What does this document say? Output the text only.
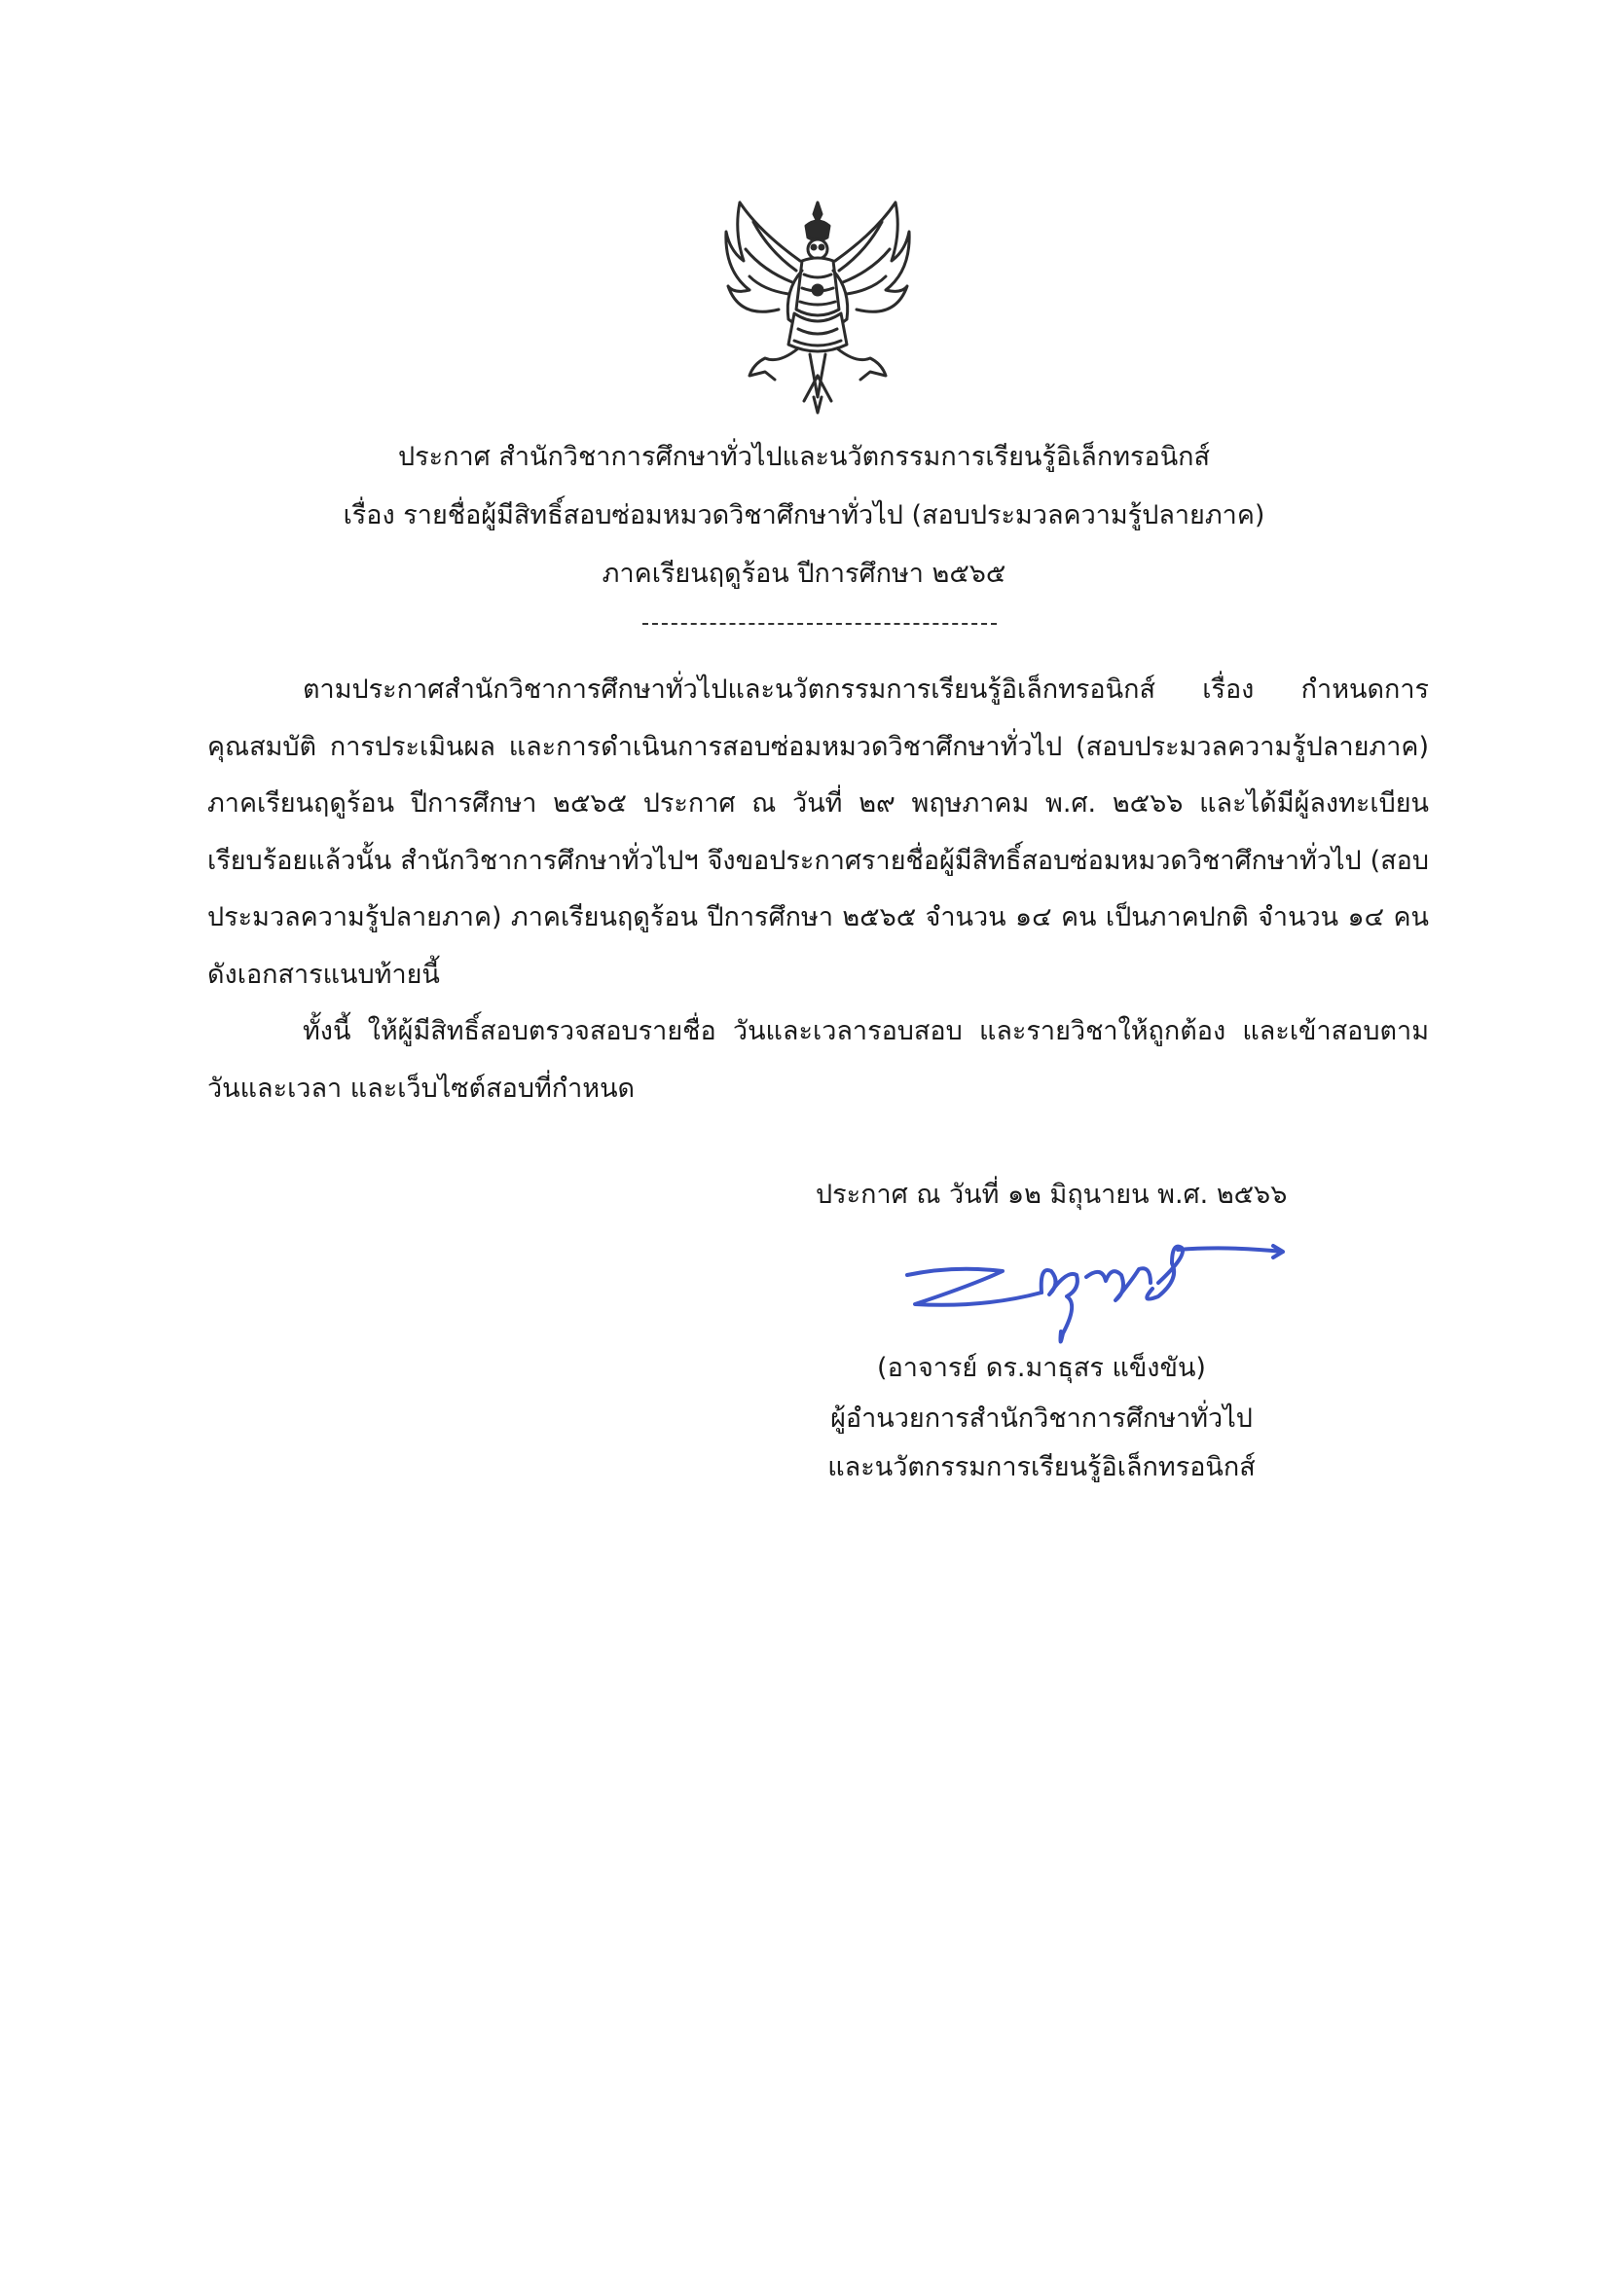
ประกาศ สำนักวิชาการศึกษาทั่วไปและนวัตกรรมการเรียนรู้อิเล็กทรอนิกส์
เรื่อง รายชื่อผู้มีสิทธิ์สอบซ่อมหมวดวิชาศึกษาทั่วไป (สอบประมวลความรู้ปลายภาค)
ภาคเรียนฤดูร้อน ปีการศึกษา ๒๕๖๕
ตามประกาศสำนักวิชาการศึกษาทั่วไปและนวัตกรรมการเรียนรู้อิเล็กทรอนิกส์ เรื่อง กำหนดการ คุณสมบัติ การประเมินผล และการดำเนินการสอบซ่อมหมวดวิชาศึกษาทั่วไป (สอบประมวลความรู้ปลายภาค) ภาคเรียนฤดูร้อน ปีการศึกษา ๒๕๖๕ ประกาศ ณ วันที่ ๒๙ พฤษภาคม พ.ศ. ๒๕๖๖ และได้มีผู้ลงทะเบียน เรียบร้อยแล้วนั้น สำนักวิชาการศึกษาทั่วไปฯ จึงขอประกาศรายชื่อผู้มีสิทธิ์สอบซ่อมหมวดวิชาศึกษาทั่วไป (สอบประมวลความรู้ปลายภาค) ภาคเรียนฤดูร้อน ปีการศึกษา ๒๕๖๕ จำนวน ๑๔ คน เป็นภาคปกติ จำนวน ๑๔ คน ดังเอกสารแนบท้ายนี้
ทั้งนี้ ให้ผู้มีสิทธิ์สอบตรวจสอบรายชื่อ วันและเวลารอบสอบ และรายวิชาให้ถูกต้อง และเข้าสอบตาม วันและเวลา และเว็บไซต์สอบที่กำหนด
ประกาศ ณ วันที่ ๑๒ มิถุนายน พ.ศ. ๒๕๖๖
(อาจารย์ ดร.มาธุสร แข็งขัน)
ผู้อำนวยการสำนักวิชาการศึกษาทั่วไป
และนวัตกรรมการเรียนรู้อิเล็กทรอนิกส์
